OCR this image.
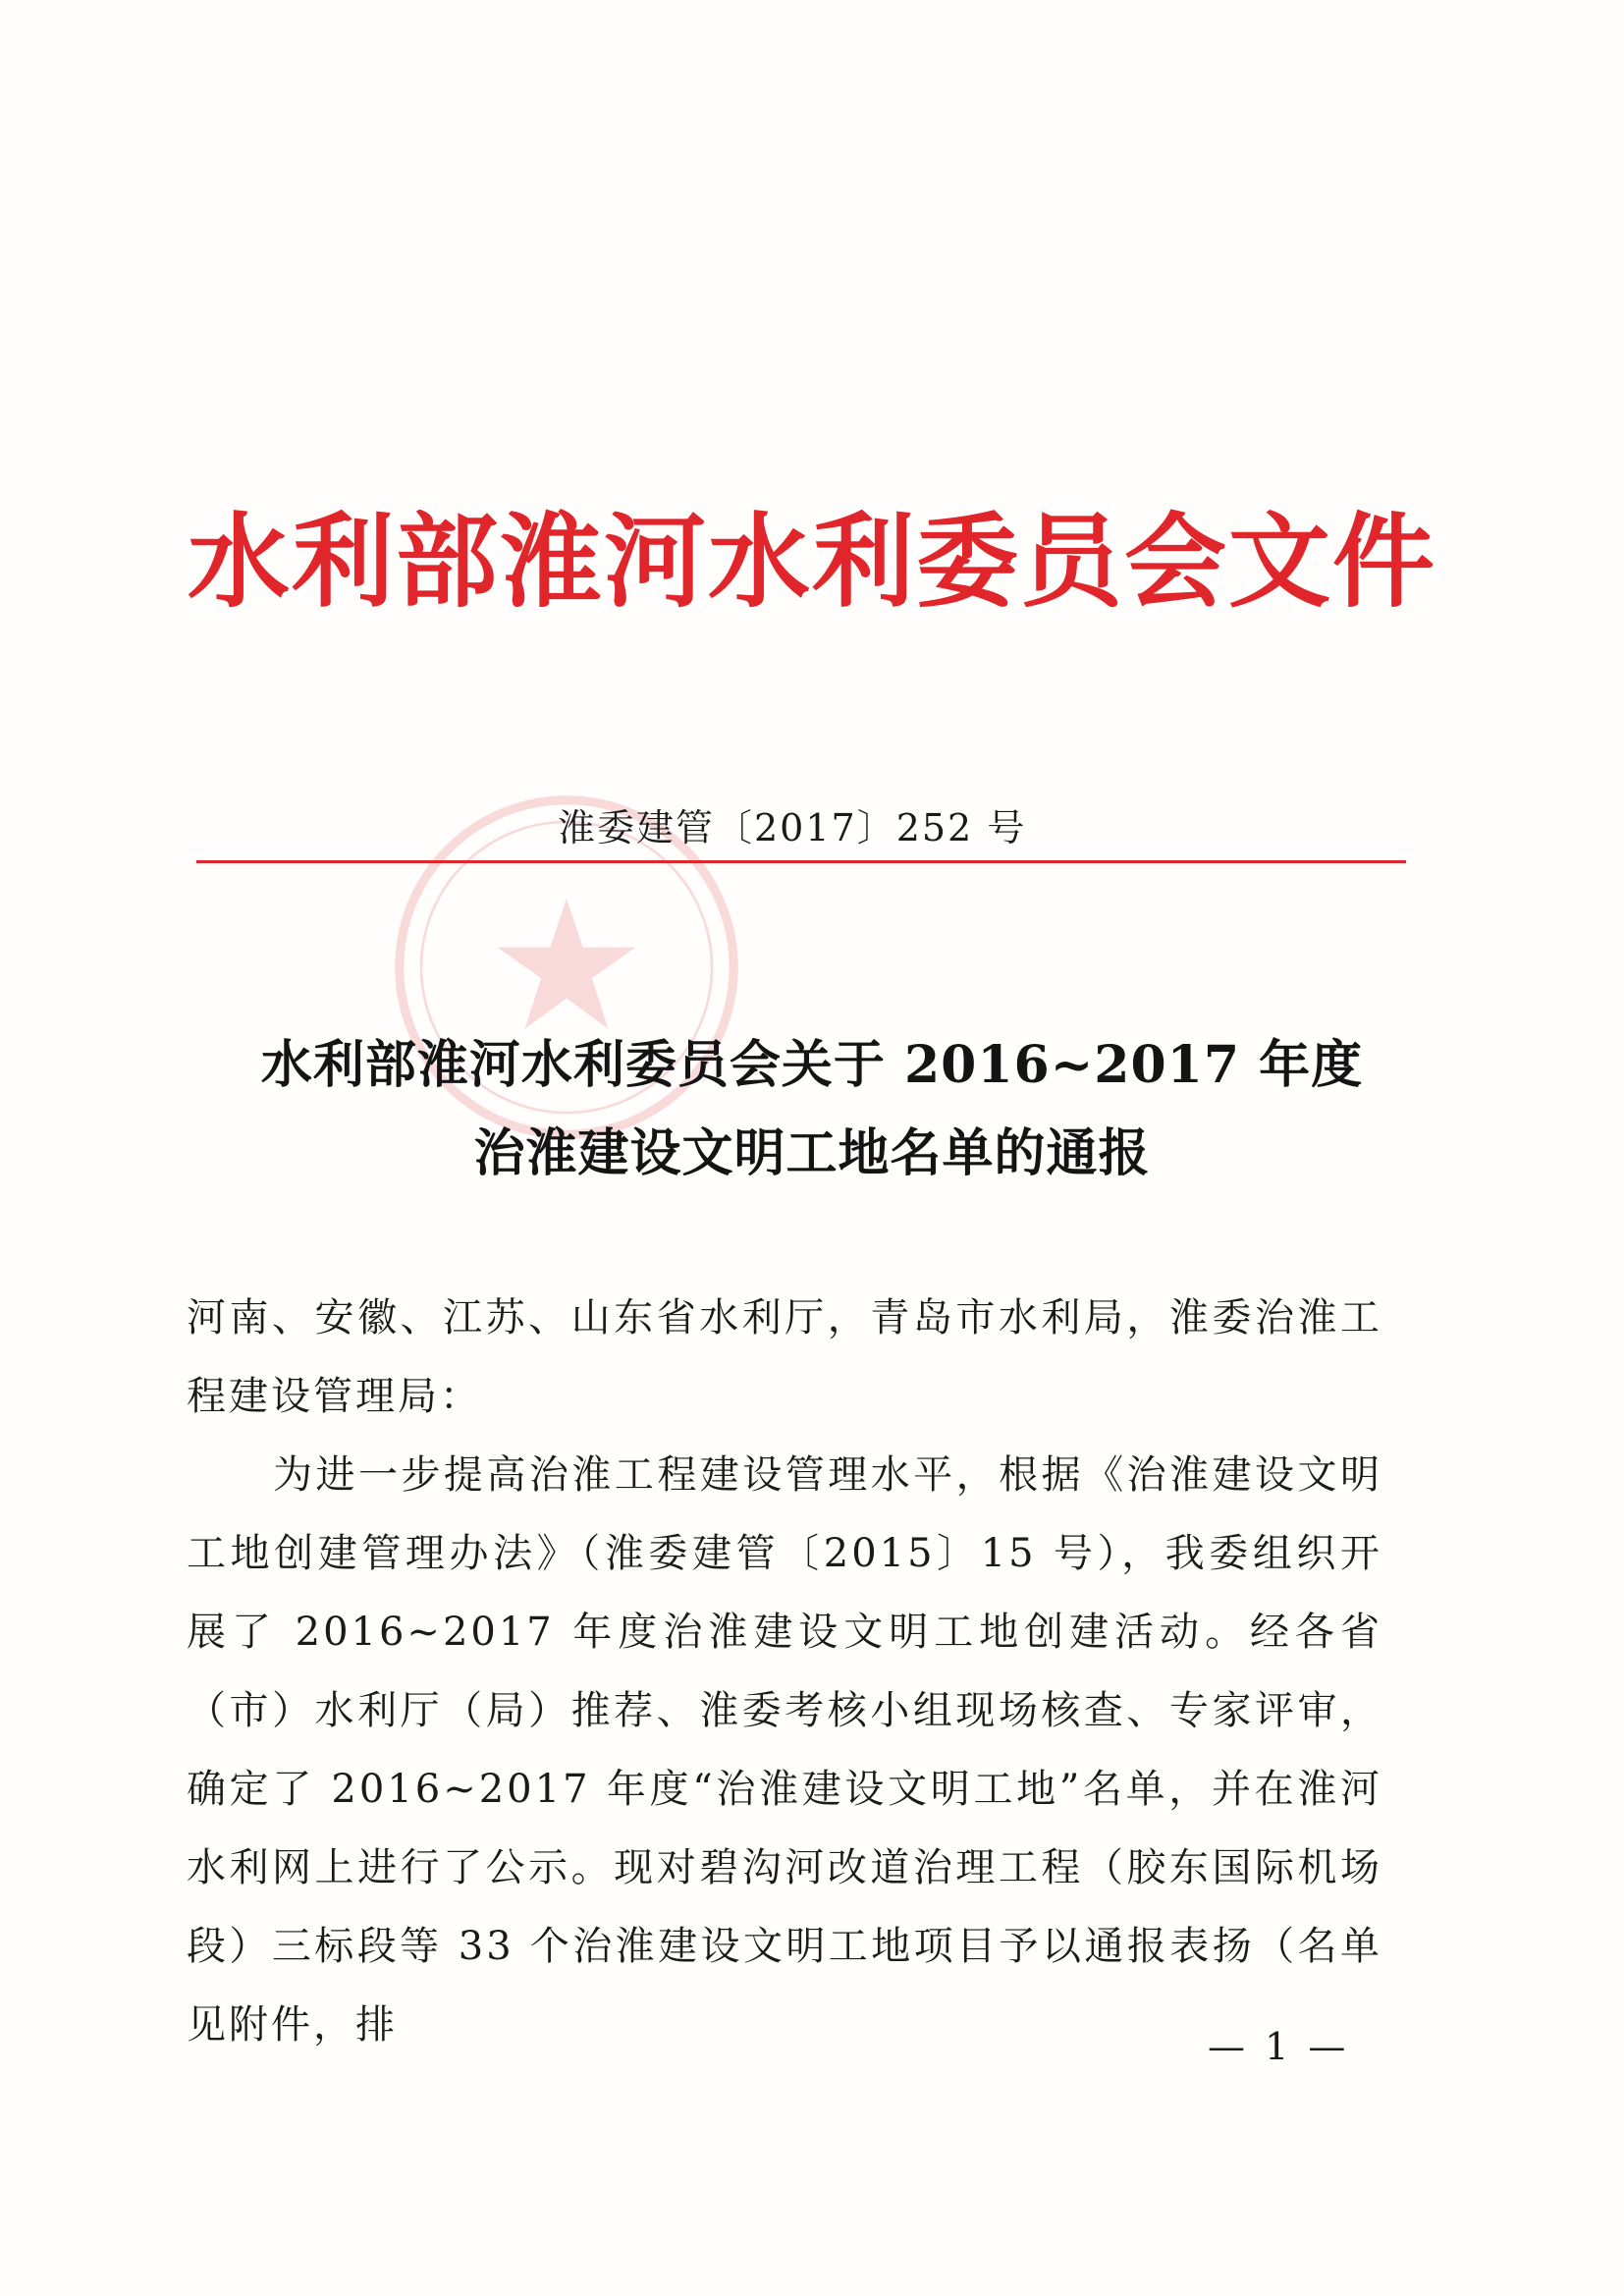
水利部淮河水利委员会文件
淮委建管〔2017〕252 号
水利部淮河水利委员会关于 2016~2017 年度
治淮建设文明工地名单的通报

河南、安徽、江苏、山东省水利厅，青岛市水利局，淮委治淮工程建设管理局：

为进一步提高治淮工程建设管理水平，根据《治淮建设文明工地创建管理办法》（淮委建管〔2015〕15 号），我委组织开展了 2016~2017 年度治淮建设文明工地创建活动。经各省（市）水利厅（局）推荐、淮委考核小组现场核查、专家评审，确定了 2016~2017 年度“治淮建设文明工地”名单，并在淮河水利网上进行了公示。现对碧沟河改道治理工程（胶东国际机场段）三标段等 33 个治淮建设文明工地项目予以通报表扬（名单见附件，排	— 1 —
